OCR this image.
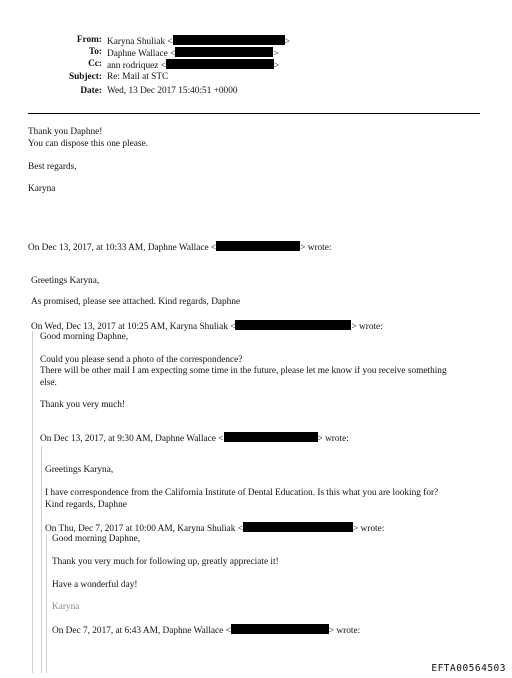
From: Karyna Shuliak <	>
To: Daphne Wallace <	>
Cc: ann rodriquez <	>
Subject: Re: Mail at STC
Date: Wed, 13 Dec 2017 15:40:51 +0000
Thank you Daphne!
You can dispose this one please.
Best regards,
Karyna
On Dec 13, 2017, at 10:33 AM, Daphne Wallace <	> wrote:
Greetings Karyna,
As promised, please see attached. Kind regards, Daphne
On Wed, Dec 13, 2017 at 10:25 AM, Karyna Shuliak <	> wrote:
Good morning Daphne,
Could you please send a photo of the correspondence?
There will be other mail I am expecting some time in the future, please let me know if you receive something
else.
Thank you very much!
On Dec 13, 2017, at 9:30 AM, Daphne Wallace <	> wrote:
Greetings Karyna,
I have correspondence from the California Institute of Dental Education. Is this what you are looking for?
Kind regards, Daphne
On Thu, Dec 7, 2017 at 10:00 AM, Karyna Shuliak <	> wrote:
Good morning Daphne,
Thank you very much for following up, greatly appreciate it!
Have a wonderful day!
Karyna
On Dec 7, 2017, at 6:43 AM, Daphne Wallace <	> wrote:
EFTA00564503
